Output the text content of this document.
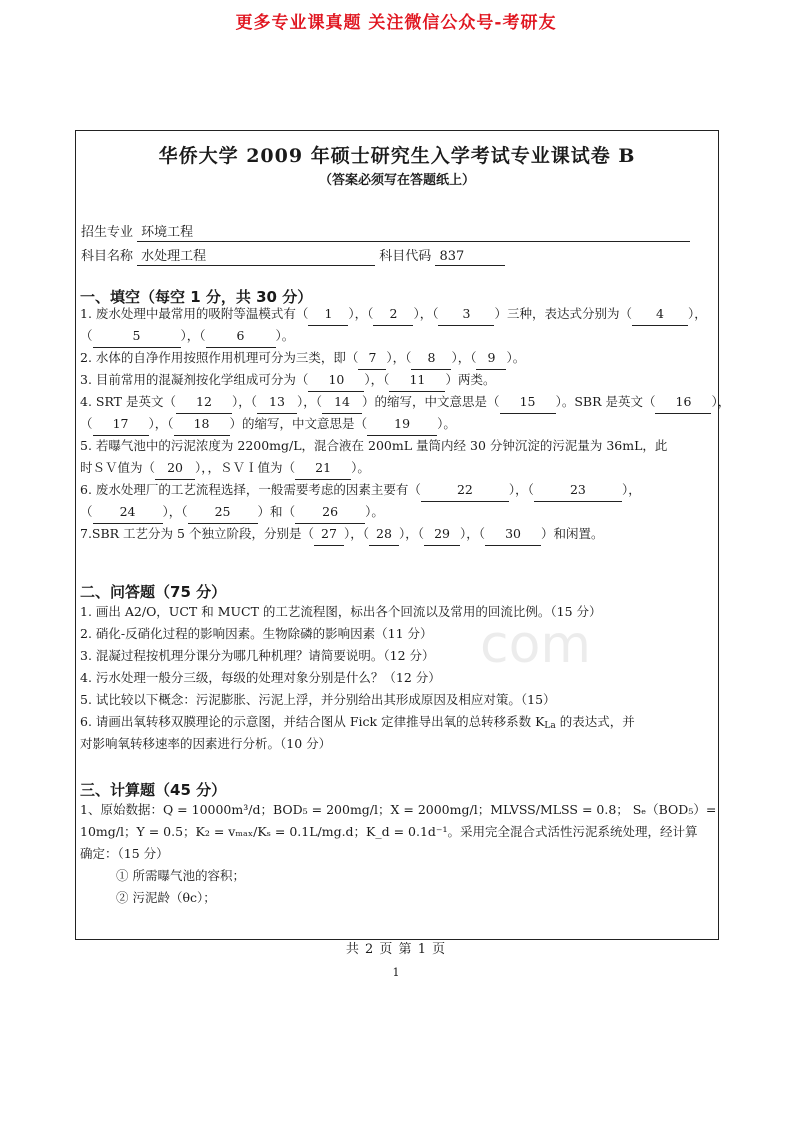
更多专业课真题 关注微信公众号-考研友
华侨大学 2009 年硕士研究生入学考试专业课试卷 B
（答案必须写在答题纸上）
招生专业 环境工程
科目名称 水处理工程	科目代码 837
一、填空（每空 1 分，共 30 分）
1. 废水处理中最常用的吸附等温模式有（ 1 ），（ 2 ），（ 3 ）三种，表达式分别为（ 4 ），
（	5	），（ 6 ）。
2. 水体的自净作用按照作用机理可分为三类，即（ 7 ），（ 8 ），（ 9 ）。
3. 目前常用的混凝剂按化学组成可分为（ 10 ），（ 11 ）两类。
4. SRT 是英文（ 12 ），（ 13 ），（ 14 ）的缩写，中文意思是（ 15 ）。SBR 是英文（ 16 ），
（ 17 ），（ 18 ）的缩写，中文意思是（ 19 ）。
5. 若曝气池中的污泥浓度为 2200mg/L，混合液在 200mL 量筒内经 30 分钟沉淀的污泥量为 36mL，此
时ＳＶ值为（ 20 ），，ＳＶＩ值为（ 21 ）。
6. 废水处理厂的工艺流程选择，一般需要考虑的因素主要有（	22	），（	23	），
（ 24 ），（ 25 ）和（ 26 ）。
7.SBR 工艺分为 5 个独立阶段，分别是（ 27 ），（ 28 ），（ 29 ），（ 30 ）和闲置。
二、问答题（75 分）
1. 画出 A2/O，UCT 和 MUCT 的工艺流程图，标出各个回流以及常用的回流比例。（15 分）
2. 硝化-反硝化过程的影响因素。生物除磷的影响因素（11 分）
3. 混凝过程按机理分课分为哪几种机理？请简要说明。（12 分）
4. 污水处理一般分三级，每级的处理对象分别是什么？（12 分）
5. 试比较以下概念：污泥膨胀、污泥上浮，并分别给出其形成原因及相应对策。（15）
6. 请画出氧转移双膜理论的示意图，并结合图从 Fick 定律推导出氧的总转移系数 $K_{La}$ 的表达式，并
对影响氧转移速率的因素进行分析。（10 分）
三、计算题（45 分）
1、原始数据：Q = 10000m³/d；BOD₅ = 200mg/l；X = 2000mg/l；MLVSS/MLSS = 0.8； Sₑ（BOD₅）=
10mg/l；Y = 0.5；K₂ = vₘₐₓ/Kₛ = 0.1L/mg.d；K_d = 0.1d⁻¹。采用完全混合式活性污泥系统处理，经计算
确定：（15 分）
① 所需曝气池的容积；
② 污泥龄（θc）；
com
共 2 页 第 1 页
1
